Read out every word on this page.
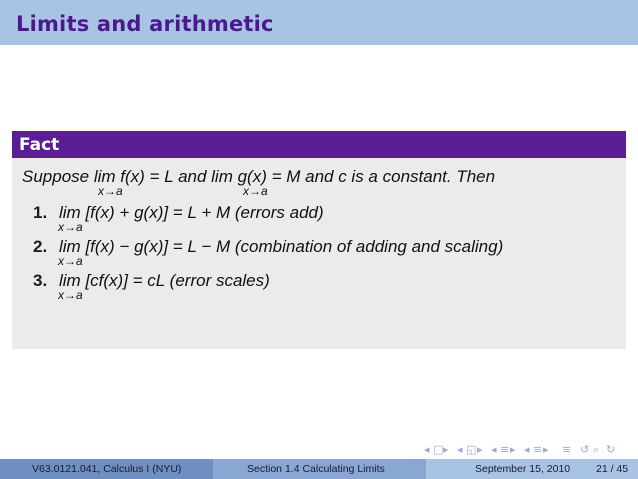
Limits and arithmetic
Fact
Suppose lim f(x) = L and lim g(x) = M and c is a constant. Then
x→a	x→a
1. lim [f(x) + g(x)] = L + M (errors add)
x→a
2. lim [f(x) − g(x)] = L − M (combination of adding and scaling)
x→a
3. lim [cf(x)] = cL (error scales)
x→a
◂ □ ▸ ◂ ◱ ▸ ◂ ≡ ▸ ◂ ≡ ▸ ≡ ↺ ⌕ ↻
V63.0121.041, Calculus I (NYU)	Section 1.4 Calculating Limits	September 15, 2010 21 / 45
